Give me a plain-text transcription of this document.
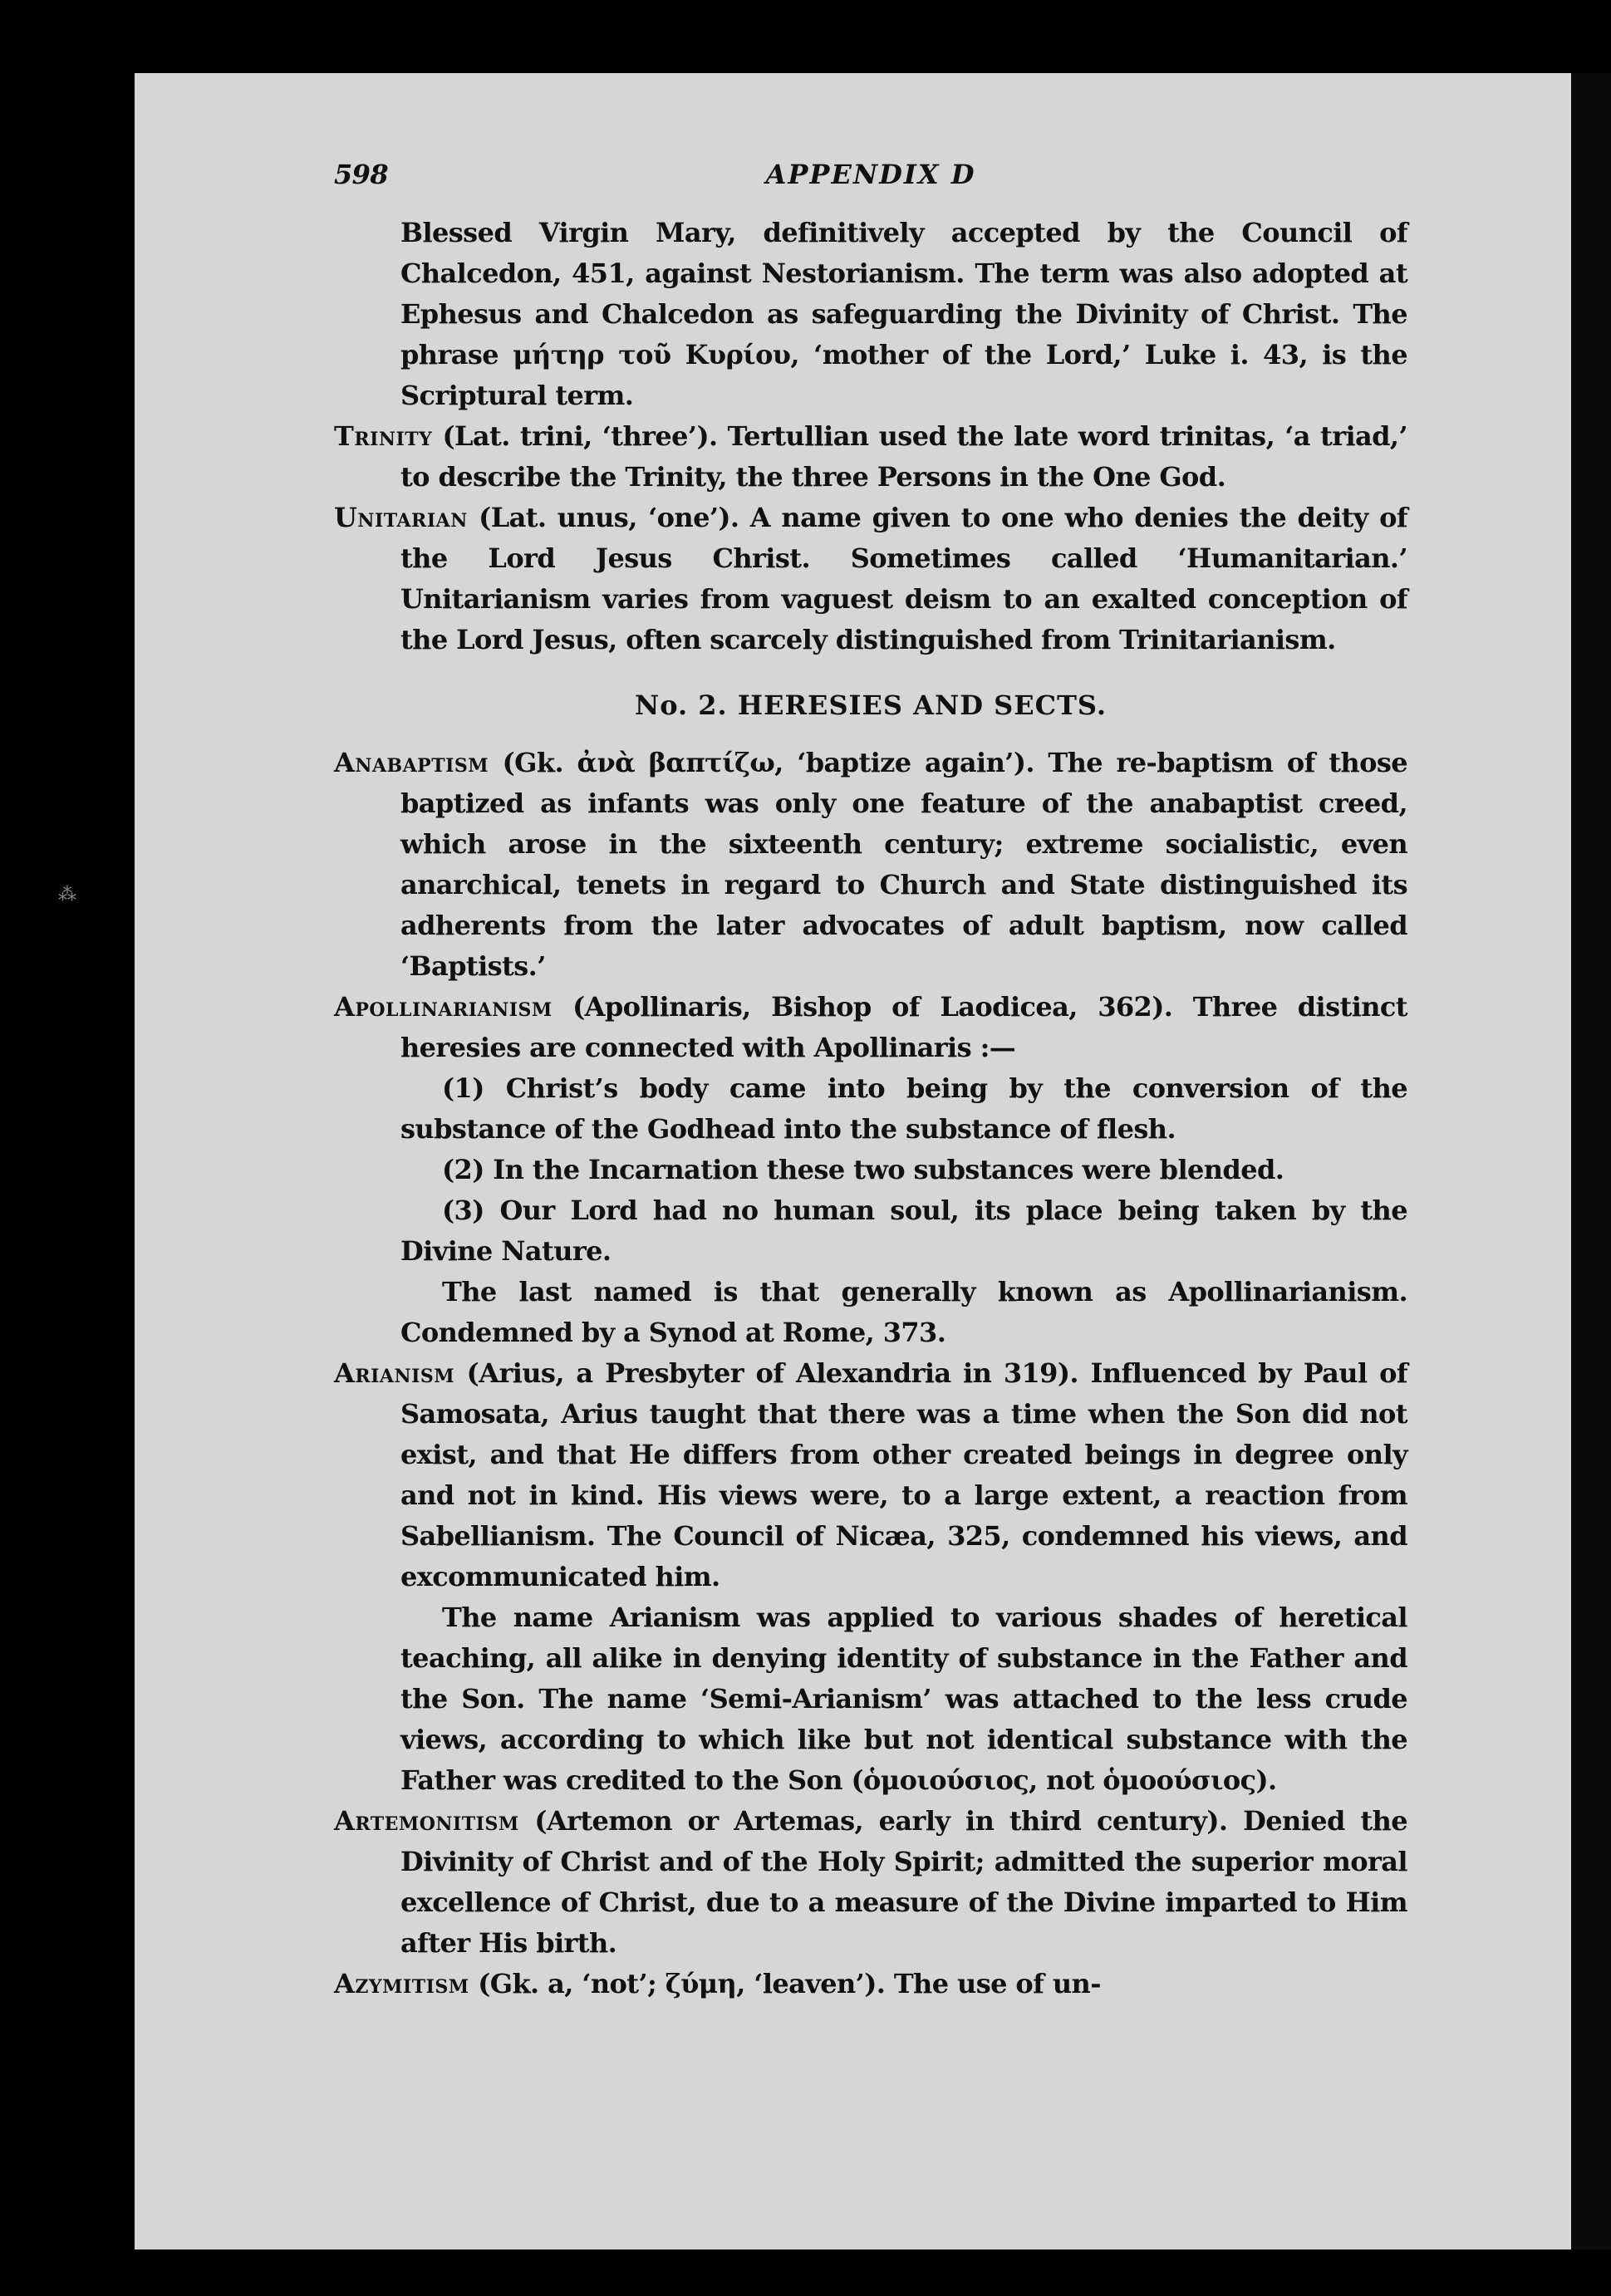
⁂
598	APPENDIX D

Blessed Virgin Mary, definitively accepted by the Council of Chalcedon, 451, against Nestorianism. The term was also adopted at Ephesus and Chalcedon as safeguarding the Divinity of Christ. The phrase μήτηρ τοῦ Κυρίου, ‘mother of the Lord,’ Luke i. 43, is the Scriptural term.

Trinity (Lat. trini, ‘three’). Tertullian used the late word trinitas, ‘a triad,’ to describe the Trinity, the three Persons in the One God.

Unitarian (Lat. unus, ‘one’). A name given to one who denies the deity of the Lord Jesus Christ. Sometimes called ‘Humanitarian.’ Unitarianism varies from vaguest deism to an exalted conception of the Lord Jesus, often scarcely distinguished from Trinitarianism.

No. 2. HERESIES AND SECTS.

Anabaptism (Gk. ἀνὰ βαπτίζω, ‘baptize again’). The re-baptism of those baptized as infants was only one feature of the anabaptist creed, which arose in the sixteenth century; extreme socialistic, even anarchical, tenets in regard to Church and State distinguished its adherents from the later advocates of adult baptism, now called ‘Baptists.’

Apollinarianism (Apollinaris, Bishop of Laodicea, 362). Three distinct heresies are connected with Apollinaris :—

(1) Christ’s body came into being by the conversion of the substance of the Godhead into the substance of flesh.

(2) In the Incarnation these two substances were blended.

(3) Our Lord had no human soul, its place being taken by the Divine Nature.

The last named is that generally known as Apollinarianism. Condemned by a Synod at Rome, 373.

Arianism (Arius, a Presbyter of Alexandria in 319). Influenced by Paul of Samosata, Arius taught that there was a time when the Son did not exist, and that He differs from other created beings in degree only and not in kind. His views were, to a large extent, a reaction from Sabellianism. The Council of Nicæa, 325, condemned his views, and excommunicated him.

The name Arianism was applied to various shades of heretical teaching, all alike in denying identity of substance in the Father and the Son. The name ‘Semi-Arianism’ was attached to the less crude views, according to which like but not identical substance with the Father was credited to the Son (ὁμοιούσιος, not ὁμοούσιος).

Artemonitism (Artemon or Artemas, early in third century). Denied the Divinity of Christ and of the Holy Spirit; admitted the superior moral excellence of Christ, due to a measure of the Divine imparted to Him after His birth.

Azymitism (Gk. a, ‘not’; ζύμη, ‘leaven’). The use of un-
